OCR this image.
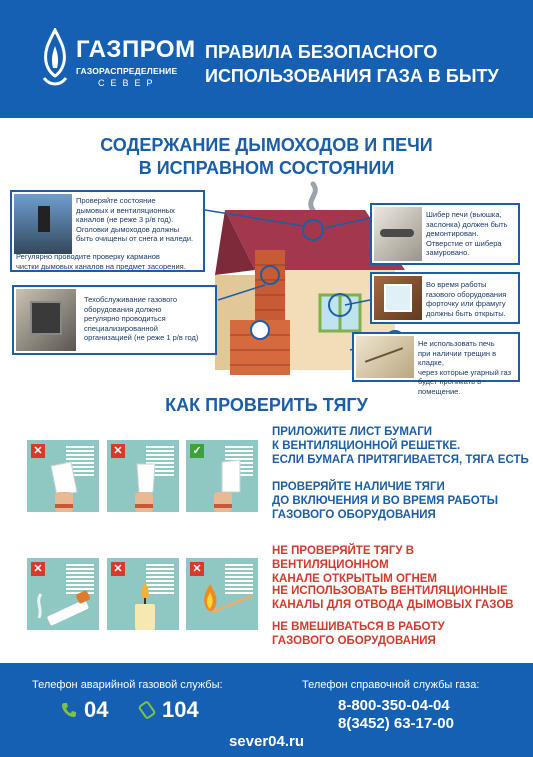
ГАЗПРОМ
ГАЗОРАСПРЕДЕЛЕНИЕ
СЕВЕР
ПРАВИЛА БЕЗОПАСНОГО
ИСПОЛЬЗОВАНИЯ ГАЗА В БЫТУ
СОДЕРЖАНИЕ ДЫМОХОДОВ И ПЕЧИ
В ИСПРАВНОМ СОСТОЯНИИ
Проверяйте состояние
дымовых и вентиляционных
каналов (не реже 3 р/в год).
Оголовки дымоходов должны
быть очищены от снега и наледи.
Регулярно проводите проверку карманов
чистки дымовых каналов на предмет засорения.
Техобслуживание газового
оборудования должно
регулярно проводиться
специализированной
организацией (не реже 1 р/в год)
Шибер печи (вьюшка,
заслонка) должен быть
демонтирован.
Отверстие от шибера
замуровано.
Во время работы
газового оборудования
форточку или фрамугу
должны быть открыты.
Не использовать печь
при наличии трещин в кладке,
через которые угарный газ
будет проникать в помещение.
КАК ПРОВЕРИТЬ ТЯГУ
✕	✕	✓
ПРИЛОЖИТЕ ЛИСТ БУМАГИ
К ВЕНТИЛЯЦИОННОЙ РЕШЕТКЕ.
ЕСЛИ БУМАГА ПРИТЯГИВАЕТСЯ, ТЯГА ЕСТЬ
ПРОВЕРЯЙТЕ НАЛИЧИЕ ТЯГИ
ДО ВКЛЮЧЕНИЯ И ВО ВРЕМЯ РАБОТЫ
ГАЗОВОГО ОБОРУДОВАНИЯ
✕	✕	✕
НЕ ПРОВЕРЯЙТЕ ТЯГУ В ВЕНТИЛЯЦИОННОМ
КАНАЛЕ ОТКРЫТЫМ ОГНЕМ
НЕ ИСПОЛЬЗОВАТЬ ВЕНТИЛЯЦИОННЫЕ
КАНАЛЫ ДЛЯ ОТВОДА ДЫМОВЫХ ГАЗОВ
НЕ ВМЕШИВАТЬСЯ В РАБОТУ
ГАЗОВОГО ОБОРУДОВАНИЯ
Телефон аварийной газовой службы:
04 104
Телефон справочной службы газа:
8-800-350-04-04
8(3452) 63-17-00
sever04.ru
